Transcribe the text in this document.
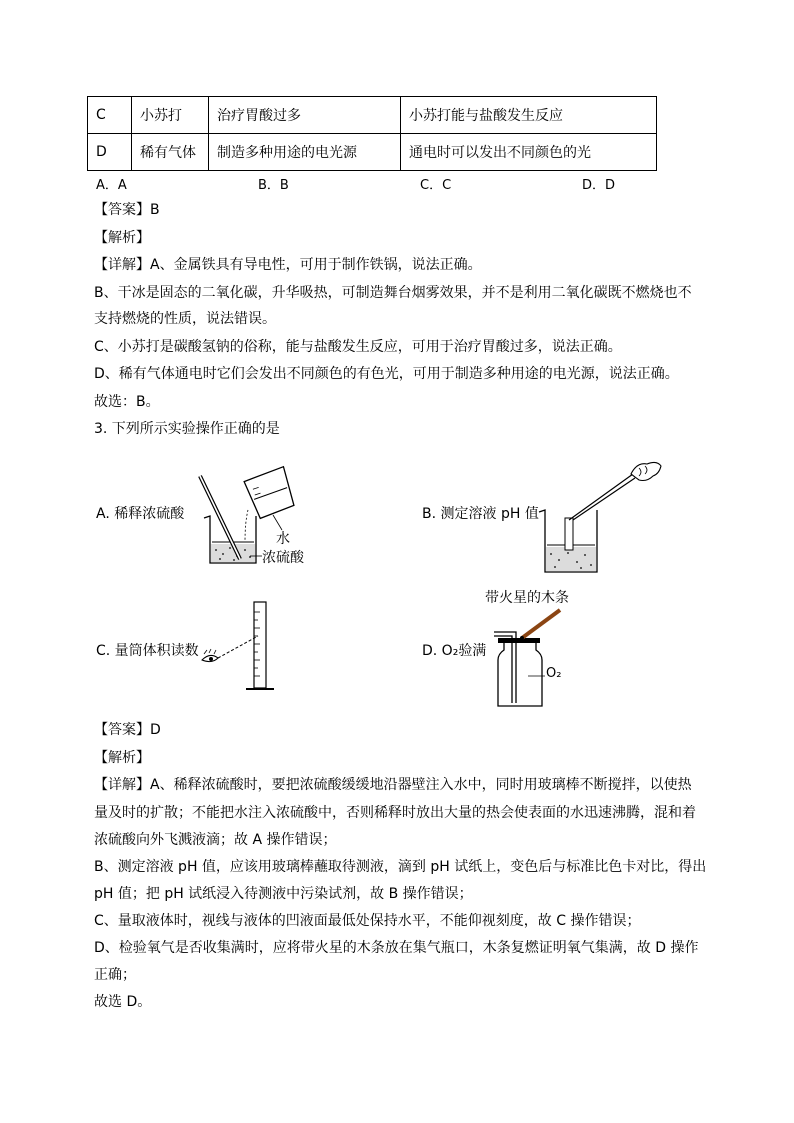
C	小苏打	治疗胃酸过多	小苏打能与盐酸发生反应
D	稀有气体	制造多种用途的电光源	通电时可以发出不同颜色的光
A．A	B．B	C．C	D．D
【答案】B
【解析】
【详解】A、金属铁具有导电性，可用于制作铁锅，说法正确。
B、干冰是固态的二氧化碳，升华吸热，可制造舞台烟雾效果，并不是利用二氧化碳既不燃烧也不
支持燃烧的性质，说法错误。
C、小苏打是碳酸氢钠的俗称，能与盐酸发生反应，可用于治疗胃酸过多，说法正确。
D、稀有气体通电时它们会发出不同颜色的有色光，可用于制造多种用途的电光源，说法正确。
故选：B。
3. 下列所示实验操作正确的是
A. 稀释浓硫酸
水
浓硫酸
B. 测定溶液 pH 值
C. 量筒体积读数	D. O₂验满
带火星的木条
O₂
【答案】D
【解析】
【详解】A、稀释浓硫酸时，要把浓硫酸缓缓地沿器壁注入水中，同时用玻璃棒不断搅拌，以使热
量及时的扩散；不能把水注入浓硫酸中，否则稀释时放出大量的热会使表面的水迅速沸腾，混和着
浓硫酸向外飞溅液滴；故 A 操作错误；
B、测定溶液 pH 值，应该用玻璃棒蘸取待测液，滴到 pH 试纸上，变色后与标准比色卡对比，得出
pH 值；把 pH 试纸浸入待测液中污染试剂，故 B 操作错误；
C、量取液体时，视线与液体的凹液面最低处保持水平，不能仰视刻度，故 C 操作错误；
D、检验氧气是否收集满时，应将带火星的木条放在集气瓶口，木条复燃证明氧气集满，故 D 操作
正确；
故选 D。
